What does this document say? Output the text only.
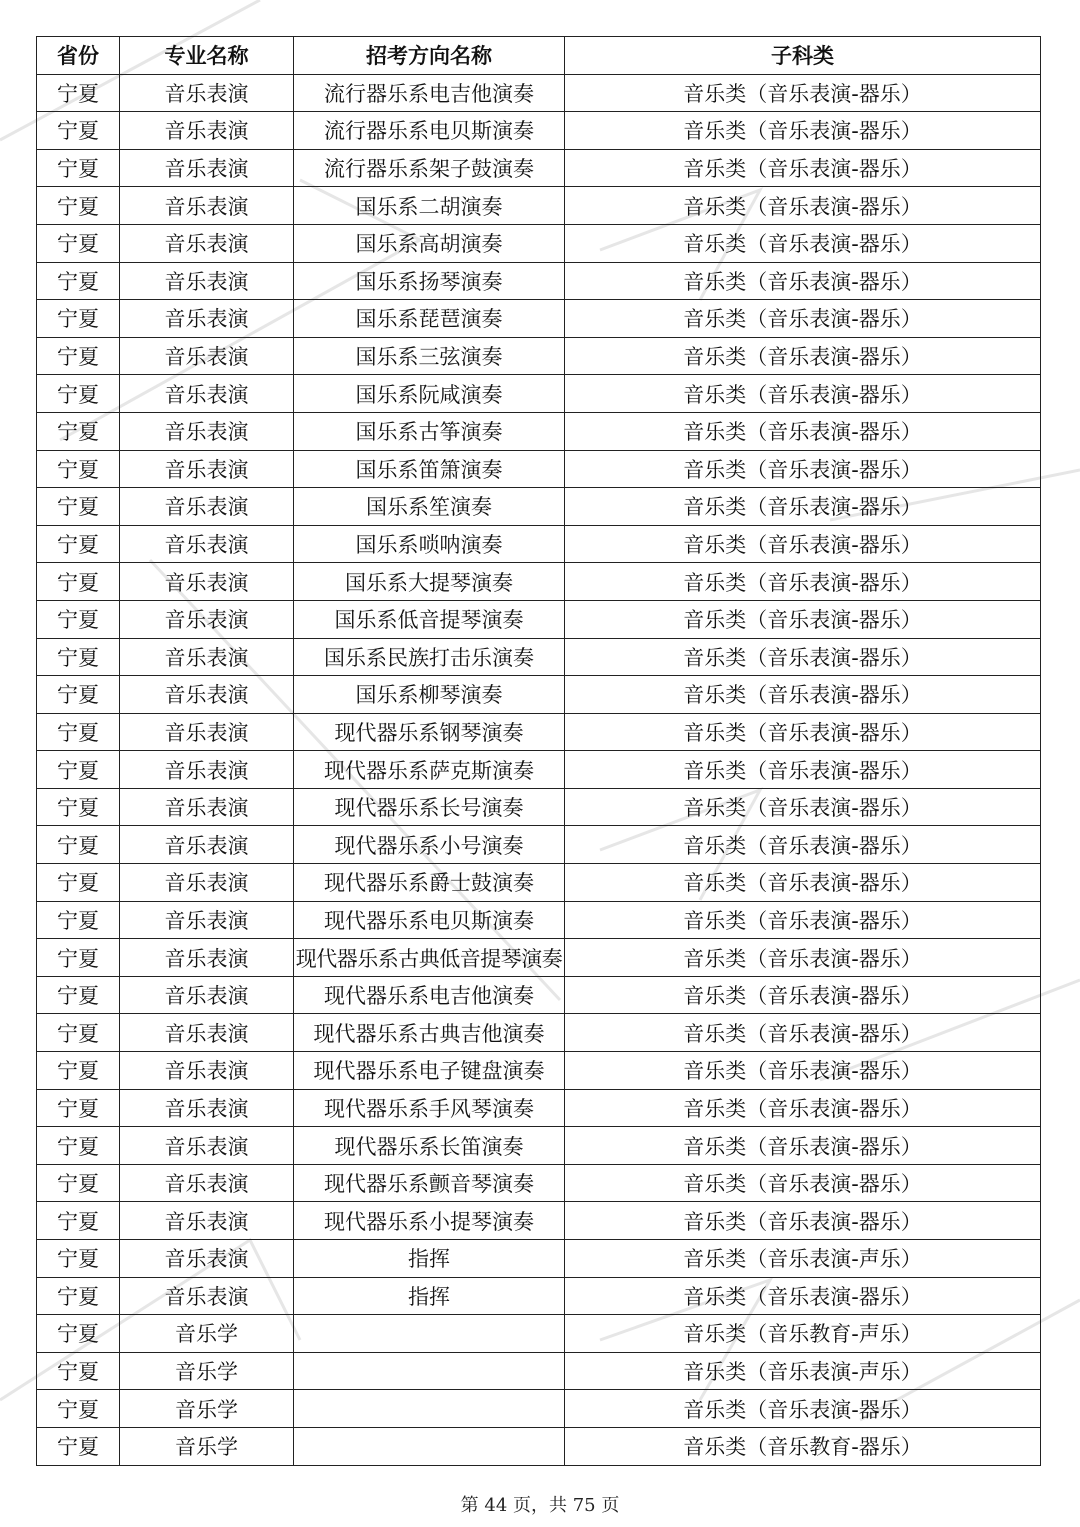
省份	专业名称	招考方向名称	子科类
宁夏	音乐表演	流行器乐系电吉他演奏	音乐类（音乐表演-器乐）
宁夏	音乐表演	流行器乐系电贝斯演奏	音乐类（音乐表演-器乐）
宁夏	音乐表演	流行器乐系架子鼓演奏	音乐类（音乐表演-器乐）
宁夏	音乐表演	国乐系二胡演奏	音乐类（音乐表演-器乐）
宁夏	音乐表演	国乐系高胡演奏	音乐类（音乐表演-器乐）
宁夏	音乐表演	国乐系扬琴演奏	音乐类（音乐表演-器乐）
宁夏	音乐表演	国乐系琵琶演奏	音乐类（音乐表演-器乐）
宁夏	音乐表演	国乐系三弦演奏	音乐类（音乐表演-器乐）
宁夏	音乐表演	国乐系阮咸演奏	音乐类（音乐表演-器乐）
宁夏	音乐表演	国乐系古筝演奏	音乐类（音乐表演-器乐）
宁夏	音乐表演	国乐系笛箫演奏	音乐类（音乐表演-器乐）
宁夏	音乐表演	国乐系笙演奏	音乐类（音乐表演-器乐）
宁夏	音乐表演	国乐系唢呐演奏	音乐类（音乐表演-器乐）
宁夏	音乐表演	国乐系大提琴演奏	音乐类（音乐表演-器乐）
宁夏	音乐表演	国乐系低音提琴演奏	音乐类（音乐表演-器乐）
宁夏	音乐表演	国乐系民族打击乐演奏	音乐类（音乐表演-器乐）
宁夏	音乐表演	国乐系柳琴演奏	音乐类（音乐表演-器乐）
宁夏	音乐表演	现代器乐系钢琴演奏	音乐类（音乐表演-器乐）
宁夏	音乐表演	现代器乐系萨克斯演奏	音乐类（音乐表演-器乐）
宁夏	音乐表演	现代器乐系长号演奏	音乐类（音乐表演-器乐）
宁夏	音乐表演	现代器乐系小号演奏	音乐类（音乐表演-器乐）
宁夏	音乐表演	现代器乐系爵士鼓演奏	音乐类（音乐表演-器乐）
宁夏	音乐表演	现代器乐系电贝斯演奏	音乐类（音乐表演-器乐）
宁夏	音乐表演	现代器乐系古典低音提琴演奏	音乐类（音乐表演-器乐）
宁夏	音乐表演	现代器乐系电吉他演奏	音乐类（音乐表演-器乐）
宁夏	音乐表演	现代器乐系古典吉他演奏	音乐类（音乐表演-器乐）
宁夏	音乐表演	现代器乐系电子键盘演奏	音乐类（音乐表演-器乐）
宁夏	音乐表演	现代器乐系手风琴演奏	音乐类（音乐表演-器乐）
宁夏	音乐表演	现代器乐系长笛演奏	音乐类（音乐表演-器乐）
宁夏	音乐表演	现代器乐系颤音琴演奏	音乐类（音乐表演-器乐）
宁夏	音乐表演	现代器乐系小提琴演奏	音乐类（音乐表演-器乐）
宁夏	音乐表演	指挥	音乐类（音乐表演-声乐）
宁夏	音乐表演	指挥	音乐类（音乐表演-器乐）
宁夏	音乐学		音乐类（音乐教育-声乐）
宁夏	音乐学		音乐类（音乐表演-声乐）
宁夏	音乐学		音乐类（音乐表演-器乐）
宁夏	音乐学		音乐类（音乐教育-器乐）
第 44 页，共 75 页
